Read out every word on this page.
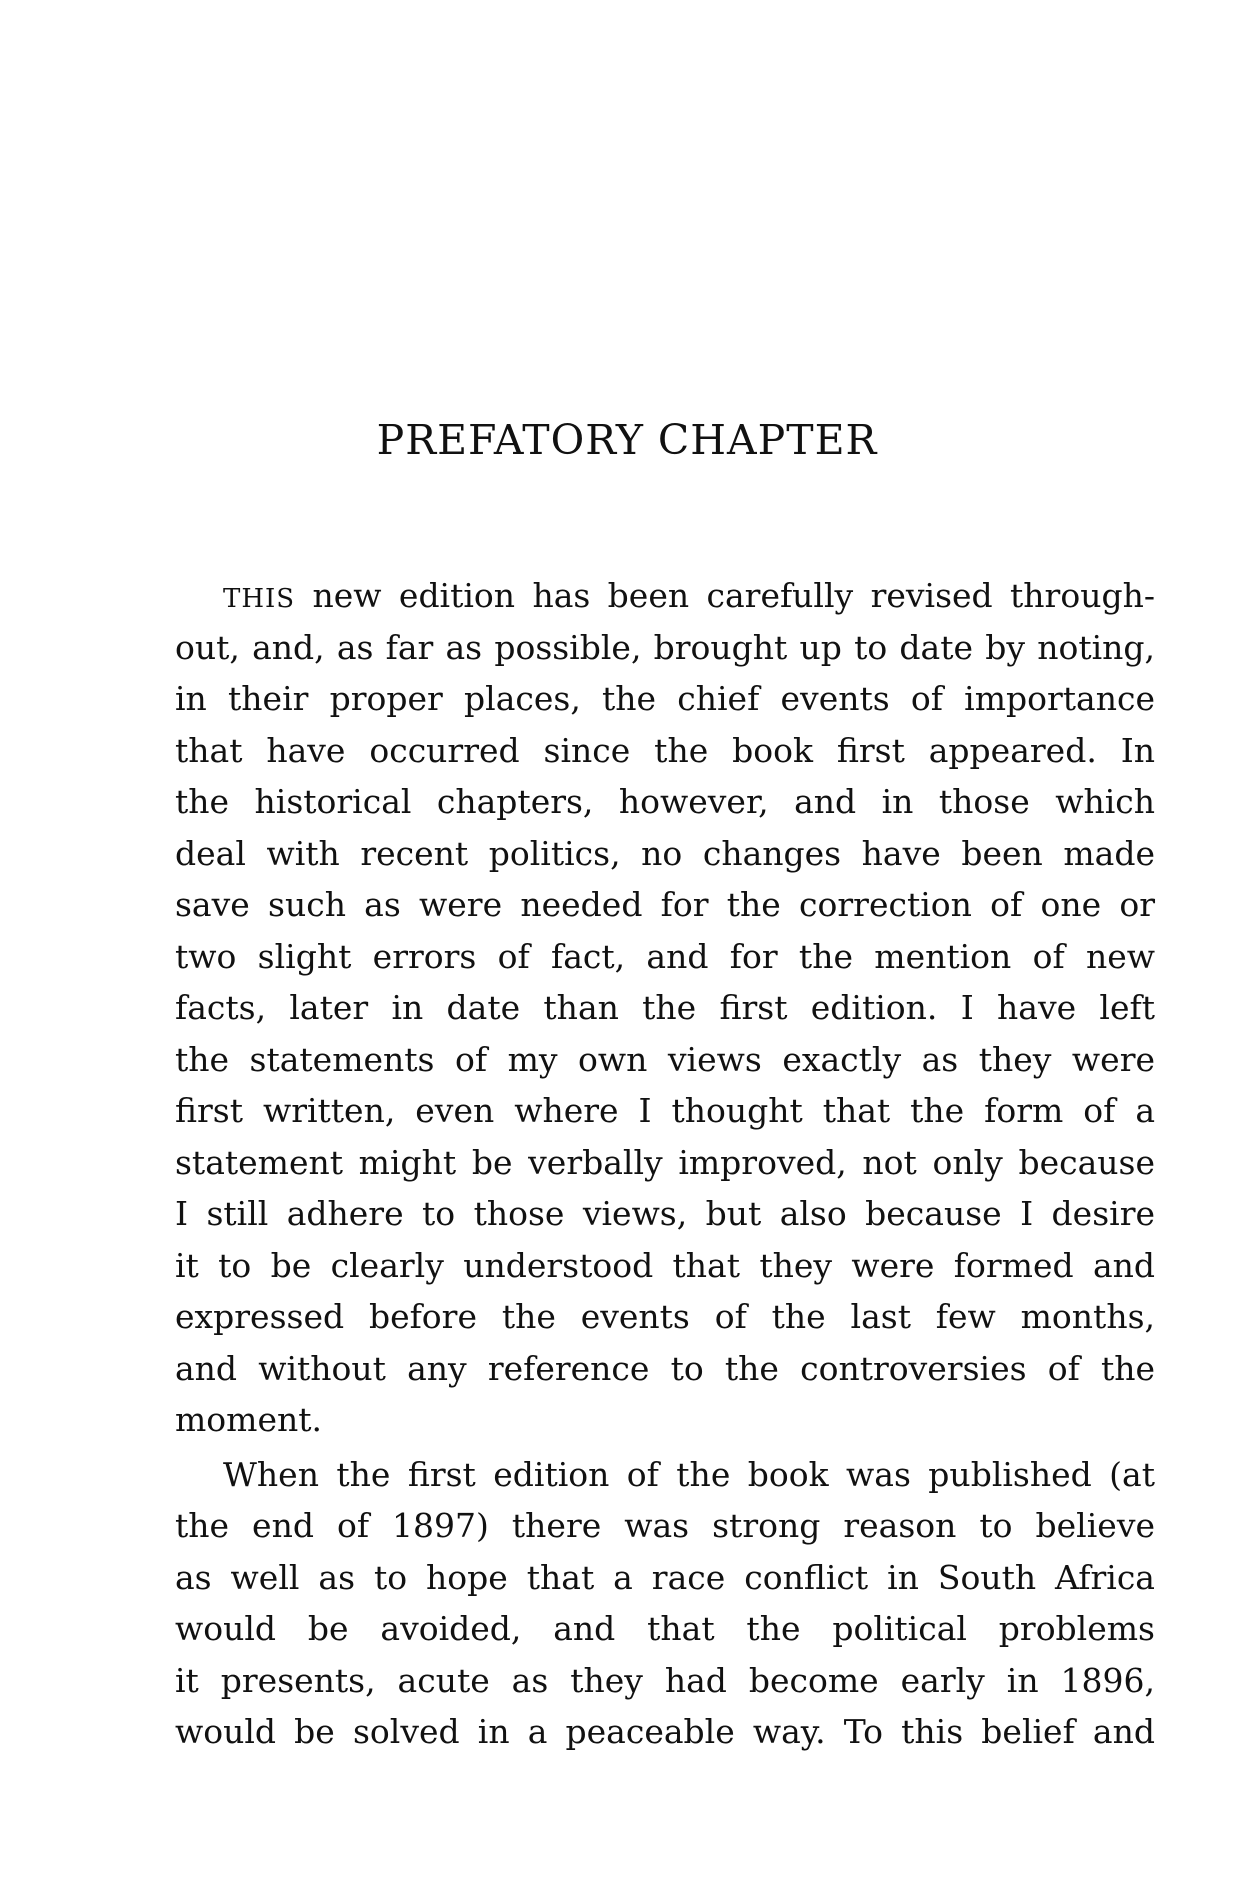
PREFATORY CHAPTER

THIS new edition has been carefully revised through-
out, and, as far as possible, brought up to date by noting,
in their proper places, the chief events of importance
that have occurred since the book first appeared. In
the historical chapters, however, and in those which
deal with recent politics, no changes have been made
save such as were needed for the correction of one or
two slight errors of fact, and for the mention of new
facts, later in date than the first edition. I have left
the statements of my own views exactly as they were
first written, even where I thought that the form of a
statement might be verbally improved, not only because
I still adhere to those views, but also because I desire
it to be clearly understood that they were formed and
expressed before the events of the last few months,
and without any reference to the controversies of the
moment.

When the first edition of the book was published (at
the end of 1897) there was strong reason to believe
as well as to hope that a race conflict in South Africa
would be avoided, and that the political problems
it presents, acute as they had become early in 1896,
would be solved in a peaceable way. To this belief and
